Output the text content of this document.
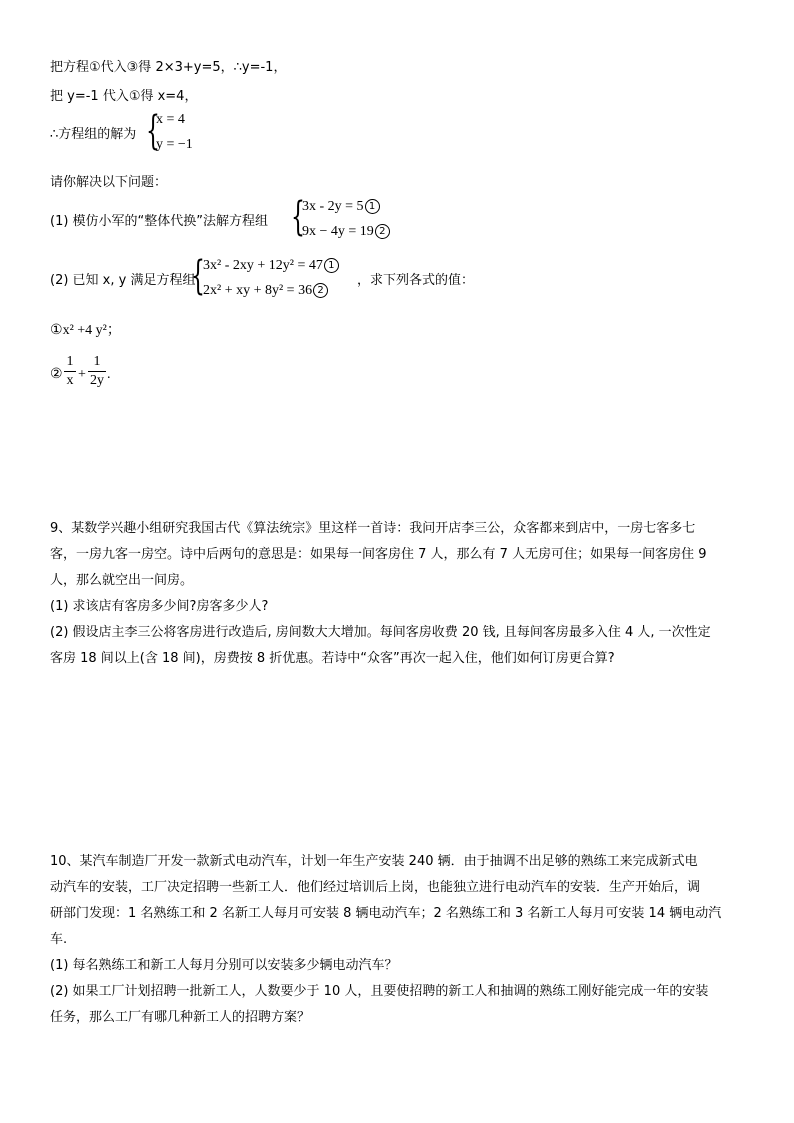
把方程①代入③得 2×3+y=5，∴y=-1，
把 y=-1 代入①得 x=4，
∴方程组的解为 {
x = 4
y = −1
请你解决以下问题：
(1) 模仿小军的“整体代换”法解方程组 {
3x - 2y = 5 1
9x − 4y = 19 2
(2) 已知 x, y 满足方程组
{
3x² - 2xy + 12y² = 47 1
2x² + xy + 8y² = 36 2
，求下列各式的值：
①x² +4 y²；
②
1
x +
1
2y .
9、某数学兴趣小组研究我国古代《算法统宗》里这样一首诗：我问开店李三公，众客都来到店中，一房七客多七
客，一房九客一房空。诗中后两句的意思是：如果每一间客房住 7 人，那么有 7 人无房可住；如果每一间客房住 9
人，那么就空出一间房。
(1) 求该店有客房多少间?房客多少人?
(2) 假设店主李三公将客房进行改造后, 房间数大大增加。每间客房收费 20 钱, 且每间客房最多入住 4 人, 一次性定
客房 18 间以上(含 18 间)，房费按 8 折优惠。若诗中“众客”再次一起入住，他们如何订房更合算?
10、某汽车制造厂开发一款新式电动汽车，计划一年生产安装 240 辆．由于抽调不出足够的熟练工来完成新式电
动汽车的安装，工厂决定招聘一些新工人．他们经过培训后上岗，也能独立进行电动汽车的安装．生产开始后，调
研部门发现：1 名熟练工和 2 名新工人每月可安装 8 辆电动汽车；2 名熟练工和 3 名新工人每月可安装 14 辆电动汽
车.
(1) 每名熟练工和新工人每月分别可以安装多少辆电动汽车？
(2) 如果工厂计划招聘一批新工人，人数要少于 10 人，且要使招聘的新工人和抽调的熟练工刚好能完成一年的安装
任务，那么工厂有哪几种新工人的招聘方案？
